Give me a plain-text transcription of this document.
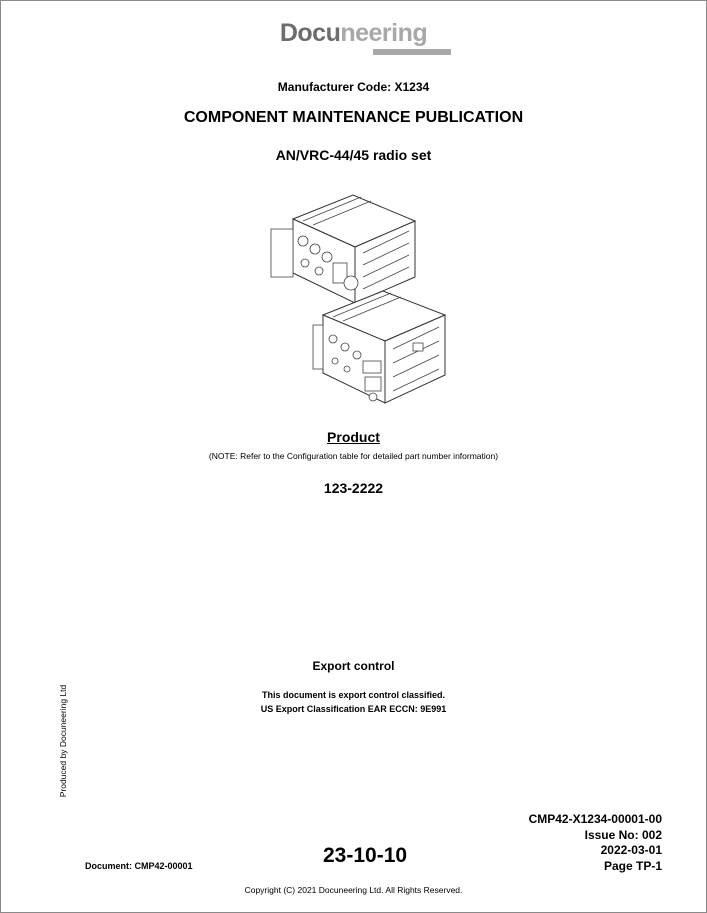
Docuneering
Manufacturer Code: X1234
COMPONENT MAINTENANCE PUBLICATION
AN/VRC-44/45 radio set
Product
(NOTE: Refer to the Configuration table for detailed part number information)
123-2222
Export control
This document is export control classified.
US Export Classification EAR ECCN: 9E991
Produced by Docuneering Ltd
CMP42-X1234-00001-00
Issue No: 002
2022-03-01
Page TP-1
Document: CMP42-00001	23-10-10
Copyright (C) 2021 Docuneering Ltd. All Rights Reserved.
